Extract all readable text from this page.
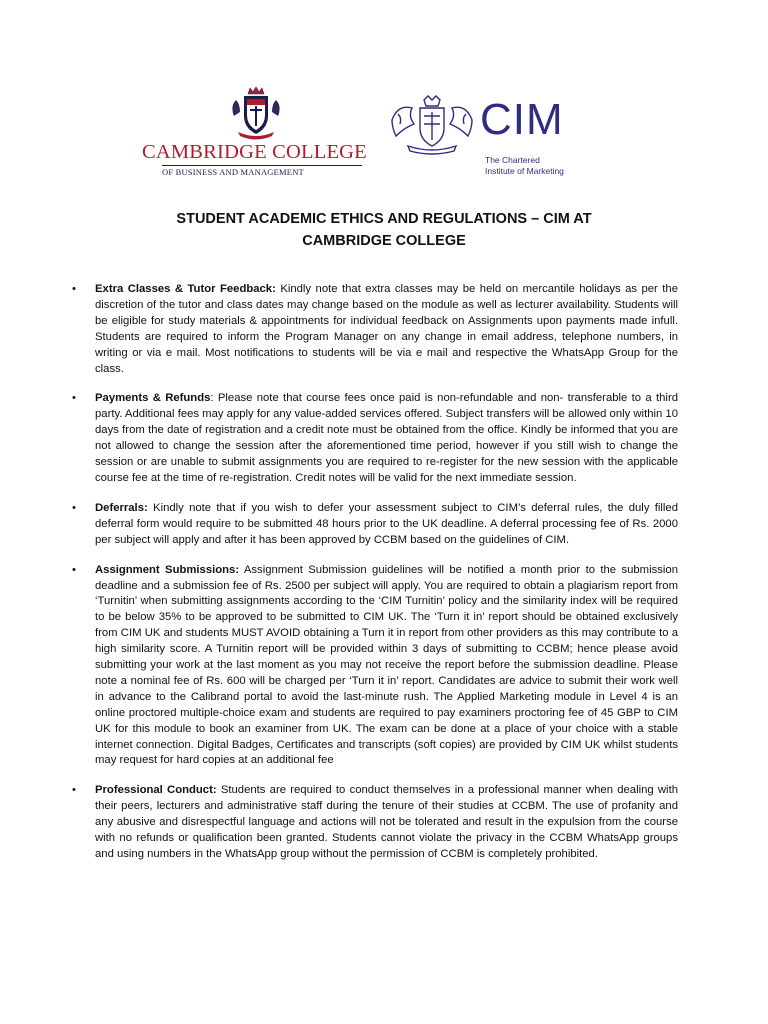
CAMBRIDGE COLLEGE
OF BUSINESS AND MANAGEMENT
CIM
The Chartered
Institute of Marketing
STUDENT ACADEMIC ETHICS AND REGULATIONS – CIM AT
CAMBRIDGE COLLEGE
• Extra Classes & Tutor Feedback: Kindly note that extra classes may be held on mercantile holidays as per the discretion of the tutor and class dates may change based on the module as well as lecturer availability. Students will be eligible for study materials & appointments for individual feedback on Assignments upon payments made infull. Students are required to inform the Program Manager on any change in email address, telephone numbers, in writing or via e mail. Most notifications to students will be via e mail and respective the WhatsApp Group for the class.

• Payments & Refunds: Please note that course fees once paid is non-refundable and non- transferable to a third party. Additional fees may apply for any value-added services offered. Subject transfers will be allowed only within 10 days from the date of registration and a credit note must be obtained from the office. Kindly be informed that you are not allowed to change the session after the aforementioned time period, however if you still wish to change the session or are unable to submit assignments you are required to re-register for the new session with the applicable course fee at the time of re-registration. Credit notes will be valid for the next immediate session.

• Deferrals: Kindly note that if you wish to defer your assessment subject to CIM’s deferral rules, the duly filled deferral form would require to be submitted 48 hours prior to the UK deadline. A deferral processing fee of Rs. 2000 per subject will apply and after it has been approved by CCBM based on the guidelines of CIM.

• Assignment Submissions: Assignment Submission guidelines will be notified a month prior to the submission deadline and a submission fee of Rs. 2500 per subject will apply. You are required to obtain a plagiarism report from ‘Turnitin’ when submitting assignments according to the ‘CIM Turnitin’ policy and the similarity index will be required to be below 35% to be approved to be submitted to CIM UK. The ‘Turn it in’ report should be obtained exclusively from CIM UK and students MUST AVOID obtaining a Turn it in report from other providers as this may contribute to a high similarity score. A Turnitin report will be provided within 3 days of submitting to CCBM; hence please avoid submitting your work at the last moment as you may not receive the report before the submission deadline. Please note a nominal fee of Rs. 600 will be charged per ‘Turn it in’ report. Candidates are advice to submit their work well in advance to the Calibrand portal to avoid the last-minute rush. The Applied Marketing module in Level 4 is an online proctored multiple-choice exam and students are required to pay examiners proctoring fee of 45 GBP to CIM UK for this module to book an examiner from UK. The exam can be done at a place of your choice with a stable internet connection. Digital Badges, Certificates and transcripts (soft copies) are provided by CIM UK whilst students may request for hard copies at an additional fee

• Professional Conduct: Students are required to conduct themselves in a professional manner when dealing with their peers, lecturers and administrative staff during the tenure of their studies at CCBM. The use of profanity and any abusive and disrespectful language and actions will not be tolerated and result in the expulsion from the course with no refunds or qualification been granted. Students cannot violate the privacy in the CCBM WhatsApp groups and using numbers in the WhatsApp group without the permission of CCBM is completely prohibited.
